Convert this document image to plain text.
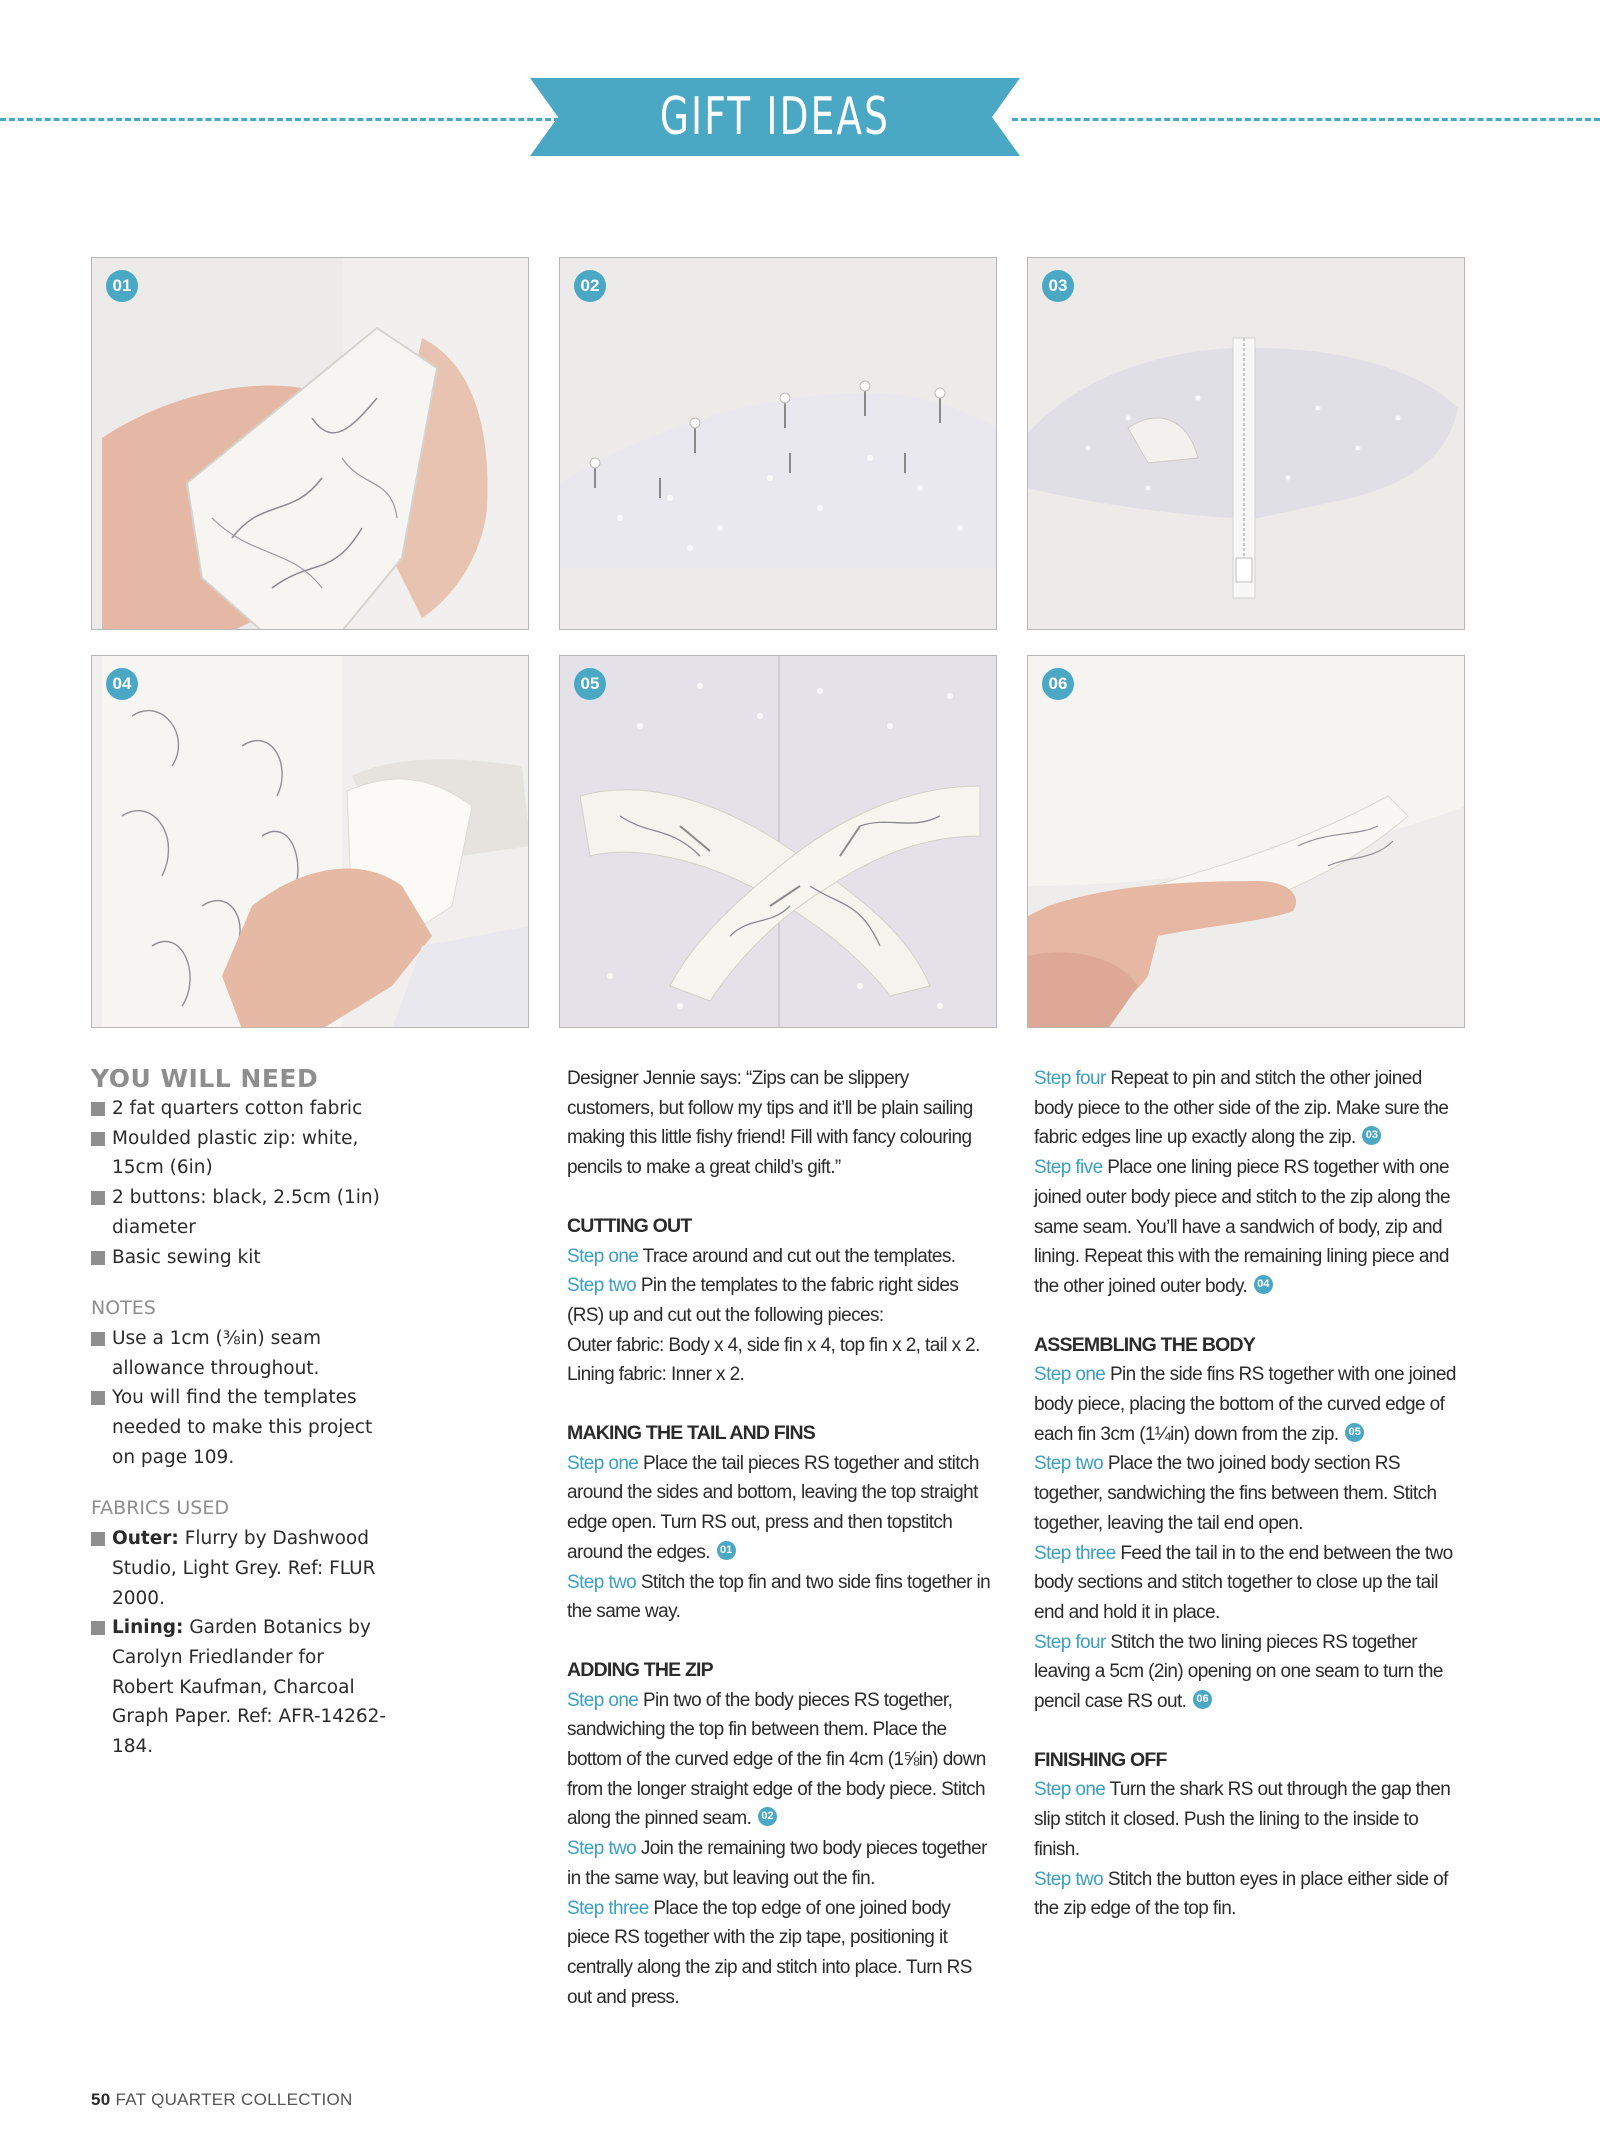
GIFT IDEAS
01	02	03
04	05	06
YOU WILL NEED
2 fat quarters cotton fabric
Moulded plastic zip: white, 15cm (6in)
2 buttons: black, 2.5cm (1in) diameter
Basic sewing kit
NOTES
Use a 1cm (⅜in) seam allowance throughout.
You will find the templates needed to make this project on page 109.
FABRICS USED
Outer: Flurry by Dashwood Studio, Light Grey. Ref: FLUR 2000.
Lining: Garden Botanics by Carolyn Friedlander for Robert Kaufman, Charcoal Graph Paper. Ref: AFR-14262-184.

Designer Jennie says: “Zips can be slippery customers, but follow my tips and it’ll be plain sailing making this little fishy friend! Fill with fancy colouring pencils to make a great child’s gift.”

CUTTING OUT

Step one Trace around and cut out the templates.

Step two Pin the templates to the fabric right sides (RS) up and cut out the following pieces:

Outer fabric: Body x 4, side fin x 4, top fin x 2, tail x 2.

Lining fabric: Inner x 2.

MAKING THE TAIL AND FINS

Step one Place the tail pieces RS together and stitch around the sides and bottom, leaving the top straight edge open. Turn RS out, press and then topstitch around the edges. 01

Step two Stitch the top fin and two side fins together in the same way.

ADDING THE ZIP

Step one Pin two of the body pieces RS together, sandwiching the top fin between them. Place the bottom of the curved edge of the fin 4cm (1⅝in) down from the longer straight edge of the body piece. Stitch along the pinned seam. 02

Step two Join the remaining two body pieces together in the same way, but leaving out the fin.

Step three Place the top edge of one joined body piece RS together with the zip tape, positioning it centrally along the zip and stitch into place. Turn RS out and press.

Step four Repeat to pin and stitch the other joined body piece to the other side of the zip. Make sure the fabric edges line up exactly along the zip. 03

Step five Place one lining piece RS together with one joined outer body piece and stitch to the zip along the same seam. You’ll have a sandwich of body, zip and lining. Repeat this with the remaining lining piece and the other joined outer body. 04

ASSEMBLING THE BODY

Step one Pin the side fins RS together with one joined body piece, placing the bottom of the curved edge of each fin 3cm (1¼in) down from the zip. 05

Step two Place the two joined body section RS together, sandwiching the fins between them. Stitch together, leaving the tail end open.

Step three Feed the tail in to the end between the two body sections and stitch together to close up the tail end and hold it in place.

Step four Stitch the two lining pieces RS together leaving a 5cm (2in) opening on one seam to turn the pencil case RS out. 06

FINISHING OFF

Step one Turn the shark RS out through the gap then slip stitch it closed. Push the lining to the inside to finish.

Step two Stitch the button eyes in place either side of the zip edge of the top fin.

50 FAT QUARTER COLLECTION
